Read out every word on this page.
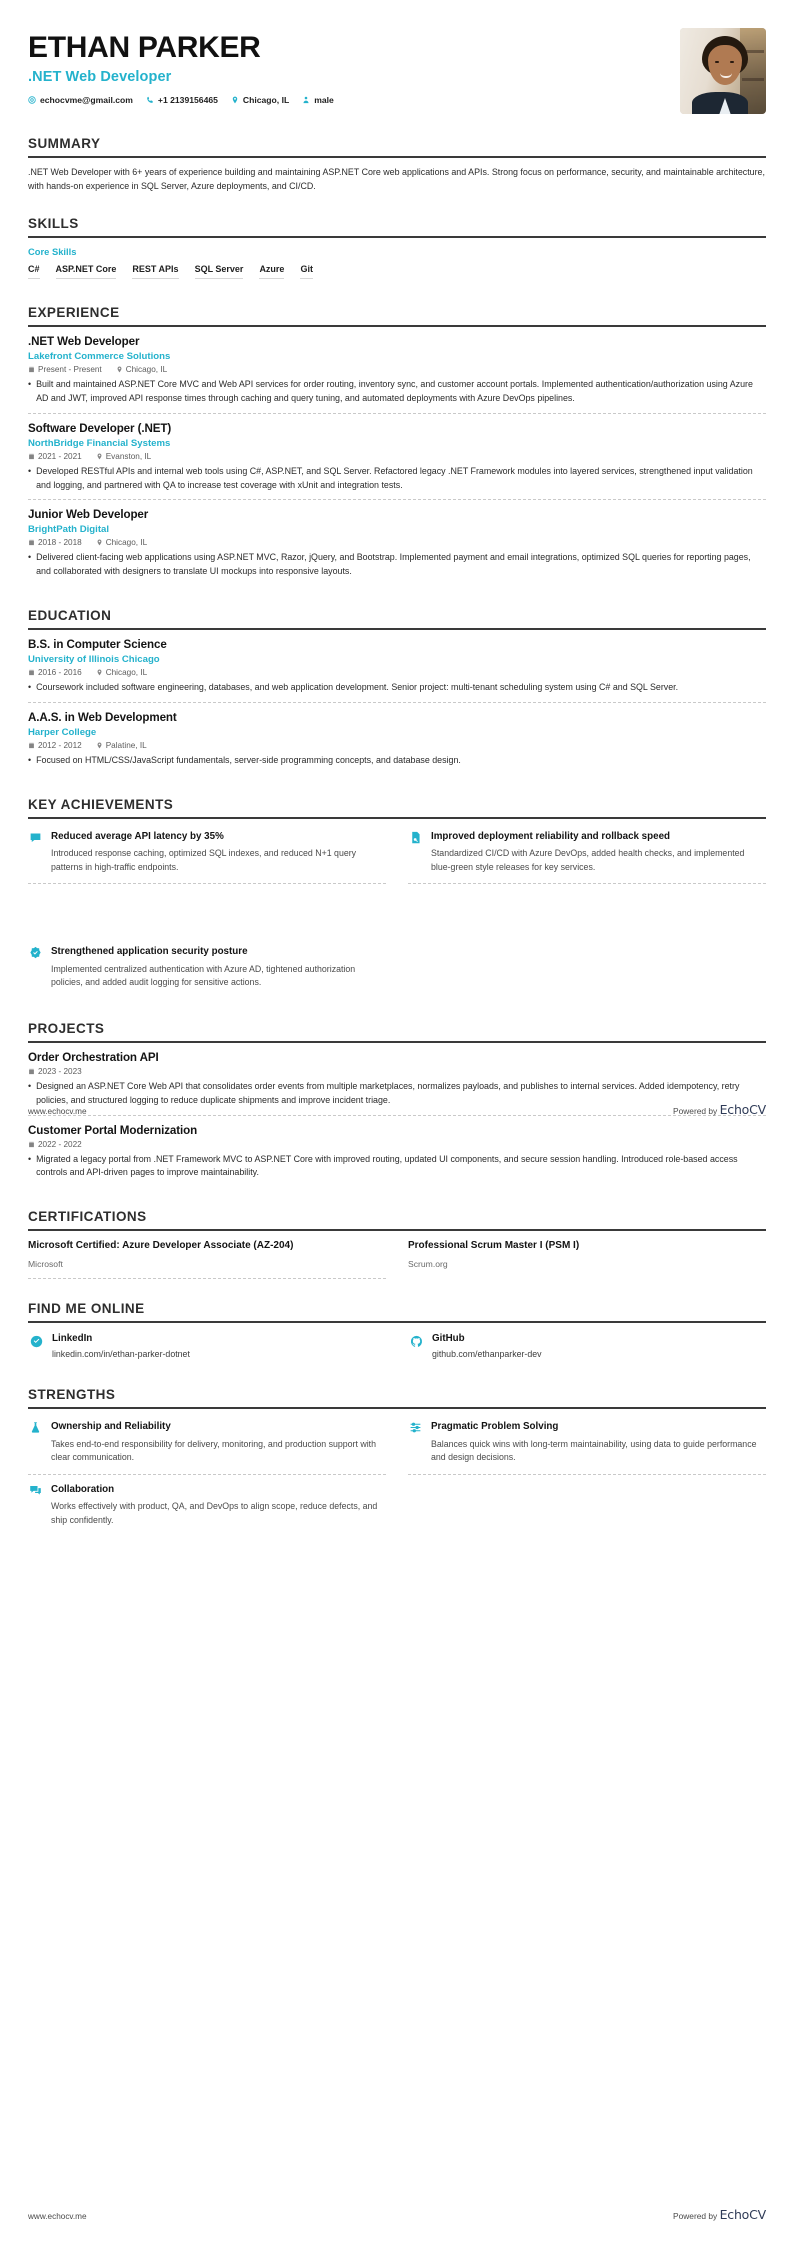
ETHAN PARKER
.NET Web Developer
echocvme@gmail.com	+1 2139156465	Chicago, IL	male
SUMMARY
.NET Web Developer with 6+ years of experience building and maintaining ASP.NET Core web applications and APIs. Strong focus on performance, security, and maintainable architecture, with hands-on experience in SQL Server, Azure deployments, and CI/CD.
SKILLS
Core Skills
C# ASP.NET Core REST APIs SQL Server Azure Git
EXPERIENCE
.NET Web Developer
Lakefront Commerce Solutions
Present - Present	Chicago, IL
• Built and maintained ASP.NET Core MVC and Web API services for order routing, inventory sync, and customer account portals. Implemented authentication/authorization using Azure AD and JWT, improved API response times through caching and query tuning, and automated deployments with Azure DevOps pipelines.
Software Developer (.NET)
NorthBridge Financial Systems
2021 - 2021	Evanston, IL
• Developed RESTful APIs and internal web tools using C#, ASP.NET, and SQL Server. Refactored legacy .NET Framework modules into layered services, strengthened input validation and logging, and partnered with QA to increase test coverage with xUnit and integration tests.
Junior Web Developer
BrightPath Digital
2018 - 2018	Chicago, IL
• Delivered client-facing web applications using ASP.NET MVC, Razor, jQuery, and Bootstrap. Implemented payment and email integrations, optimized SQL queries for reporting pages, and collaborated with designers to translate UI mockups into responsive layouts.
EDUCATION
B.S. in Computer Science
University of Illinois Chicago
2016 - 2016	Chicago, IL
• Coursework included software engineering, databases, and web application development. Senior project: multi-tenant scheduling system using C# and SQL Server.
A.A.S. in Web Development
Harper College
2012 - 2012	Palatine, IL
• Focused on HTML/CSS/JavaScript fundamentals, server-side programming concepts, and database design.
KEY ACHIEVEMENTS
Reduced average API latency by 35%
Introduced response caching, optimized SQL indexes, and reduced N+1 query patterns in high-traffic endpoints.
Improved deployment reliability and rollback speed
Standardized CI/CD with Azure DevOps, added health checks, and implemented blue-green style releases for key services.
Strengthened application security posture
Implemented centralized authentication with Azure AD, tightened authorization policies, and added audit logging for sensitive actions.
PROJECTS
Order Orchestration API
2023 - 2023
• Designed an ASP.NET Core Web API that consolidates order events from multiple marketplaces, normalizes payloads, and publishes to internal services. Added idempotency, retry policies, and structured logging to reduce duplicate shipments and improve incident triage.
Customer Portal Modernization
2022 - 2022
• Migrated a legacy portal from .NET Framework MVC to ASP.NET Core with improved routing, updated UI components, and secure session handling. Introduced role-based access controls and API-driven pages to improve maintainability.
CERTIFICATIONS
Microsoft Certified: Azure Developer Associate (AZ-204)
Microsoft
Professional Scrum Master I (PSM I)
Scrum.org
FIND ME ONLINE
LinkedIn
linkedin.com/in/ethan-parker-dotnet
GitHub
github.com/ethanparker-dev
STRENGTHS
Ownership and Reliability
Takes end-to-end responsibility for delivery, monitoring, and production support with clear communication.
Collaboration
Works effectively with product, QA, and DevOps to align scope, reduce defects, and ship confidently.
Pragmatic Problem Solving
Balances quick wins with long-term maintainability, using data to guide performance and design decisions.
www.echocv.me	Powered by EchoCV
www.echocv.me	Powered by EchoCV
